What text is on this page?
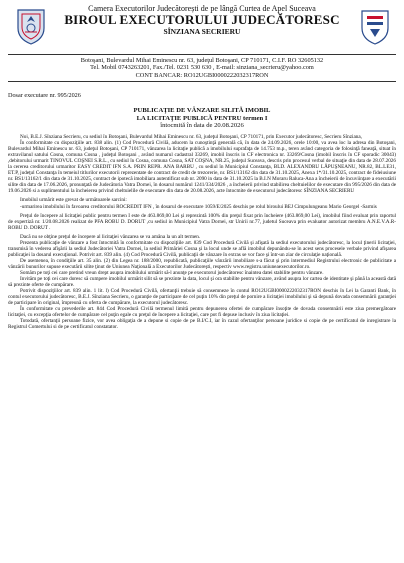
Camera Executorilor Judecătorești de pe lângă Curtea de Apel Suceava
BIROUL EXECUTORULUI JUDECĂTORESC
SÎNZIANA SECRIERU
Botoşani, Bulevardul Mihai Eminescu nr. 63, judeţul Botoşani, CP 710171, C.I.F. RO 32605132
Tel. Mobil 0743263201, Fax./Tel. 0231 530 630 , E-mail: sinziana_secrieru@yahoo.com
CONT BANCAR: RO12UGBI0000222032317RON
Dosar executare nr. 995/2026
PUBLICAŢIE DE VÂNZARE SILITĂ IMOBIL
LA LICITAŢIE PUBLICĂ PENTRU termen I
întocmită în data de 20.08.2026

Noi, B.E.J. Sînziana Secrieru, cu sediul în Botoşani, Bulevardul Mihai Eminescu nr. 63, judeţul Botoşani, CP 710171, prin Executor judecătoresc, Secrieru Sînziana,

În conformitate cu dispoziţiile art. 838 alin. (1) Cod Procedură Civilă, aducem la cunoştinţă generală că, în data de 24.09.2026, orele 10:00, va avea loc la adresa din Botoşani, Bulevardul Mihai Eminescu nr. 63, judeţul Botoşani, CP 710171, vânzarea la licitaţie publică a imobilului suprafaţa de 14.753 m.p., teren având categoria de folosinţă faneaţă, situat în extravilanul satului Cosna, comuna Cosna , judeţul Botoşani , având numarul cadastral 33269, imobil înscris in CF electronica nr. 33269/Cosna (imobil înscris în CF sporadic 30043) ,debitorului urmarit TINOVUL COŞNEI S.R.L., cu sediul în Cosna, comuna Cosna, SAT COŞNA, NR.25, judeţul Suceava, descris prin procesul verbal de situaţie din data de 28.07.2026 la cererea creditorului urmaritor EASY CREDIT IFN S.A. PRIN REPR. ANA BARBU , cu sediul în Municipiul Constanţa, BLD. ALEXANDRU LĂPUŞNEANU, NR.82, BL.LE31, ET.P, judeţul Constanţa în temeiul titlurilor executorii reprezentate de contract de credit de trezorerie, nr. BS1/13162 din data de 31.10.2025, Anexa 1*/31.10.2025, contract de fideiusiune nr. BS1/13162/1 din data de 31.10.2025, contract de ipotecă imobiliara autentificat sub nr. 2090 in data de 31.10.2025 la B.I.N Moraru Raluca-Ana a încheierii de încuviinţare a executării silite din data de 17.06.2026, pronunţată de Judecătoria Vatra Dornei, în dosarul numărul 1241/334/2026 , a încheierii privind stabilirea cheltuielilor de executare din 995/2026 din data de 19.06.2026 si a suplimentului la încheierea privind cheltuielile de executare din data de 20.08.2026, acte întocmite de executorul judecătoresc SÎNZIANA SECRIERU

Imobilul urmărit este grevat de următoarele sarcini:

-urmarirea imobilului în favoarea creditorului ROCREDIT IFN , în dosarul de executare 1059/E/2025 deschis pe rolul biroului BEJ Cimpulungeanu Mario Georgel -Sarmis

Preţul de începere al licitaţiei public pentru termen I este de 463.869,00 Lei şi reprezintă 100% din preţul fixat prin încheiere (463.869,00 Lei), imobilul fiind evaluat prin raportul de expertiză nr. 1/20.08.2026 realizat de PFA ROBU D. DORUT ,cu sediul in Municipiul Vatra Dornei, str Unirii nr.77, judetul Suceava prin evaluator autorizat membru A.N.E.V.A.R- ROBU D. DORUT .

Dacă nu se obţine preţul de începere al licitaţiei vânzarea se va amâna la un alt termen.

Prezenta publicaţie de vânzare a fost întocmită în conformitate cu dispoziţiile art. 839 Cod Procedură Civilă şi afişată la sediul executorului judecătoresc, la locul ţinerii licitaţiei, transmisă în vederea afişării la sediul Judecătoriei Vatra Dornei, la sediul Primăriei Cosna şi la locul unde se află imobilul depunându-se în acest sens procesele verbale privind afişarea publicaţiei la dosarul execuţional. Potrivit art. 839 alin. (4) Cod Procedură Civilă, publicaţii de vânzare în extras se vor face şi într-un ziar de circulaţie naţională.

De asemenea, în condiţiile art. 35 alin. (2) din Legea nr. 188/2000, republicată, publicaţiile vânzării imobiliare s-a făcut şi prin intermediul Registrului electronic de publicitate a vânzării bunurilor supuse executării silite ţinut de Uniunea Naţională a Executorilor Judecătoreşti, respectiv www.registru.uniuneaexecutorilor.ro.

Somăm pe toţi cei care pretind vreun drept asupra imobilului urmărit să-l anunţe pe executorul judecătoresc înaintea datei stabilite pentru vânzare.

Invităm pe toţi cei care doresc să cumpere imobilul urmărit silit să se prezinte la data, locul şi ora stabilite pentru vânzare, având asupra lor cartea de identitate şi până la această dată să prezinte oferte de cumpărare.

Potrivit dispoziţiilor art. 839 alin. 1 lit. l) Cod Procedură Civilă, ofertanţii trebuie să consemneze în contul RO12UGBI0000222032317RON deschis în Lei la Garanti Bank, în contul executorului judecătoresc, B.E.J. Sînziana Secrieru, o garanţie de participare de cel puţin 10% din preţul de pornire a licitaţiei imobilului şi să depună dovada consemnării garanţiei de participare în original, împreună cu oferta de cumpărare, la executorul judecătoresc.

În conformitate cu prevederile art. 844 Cod Procedură Civilă termenul limită pentru depunerea ofertei de cumpărare însoţite de dovada consemnării este ziua premergătoare licitaţiei, cu excepţia ofertelor de cumpărare cel puţin egale cu preţul de începere a licitaţiei, care pot fi depuse inclusiv în ziua licitaţiei.

Totodată, ofertanţii persoane fizice, vor avea obligaţia de a depune si copie de pe B.I/C.I, iar în cazul ofertanţilor persoane juridice si copie de pe certificatul de inregistrare la Registrul Comertului si de pe certificatul constatator.
